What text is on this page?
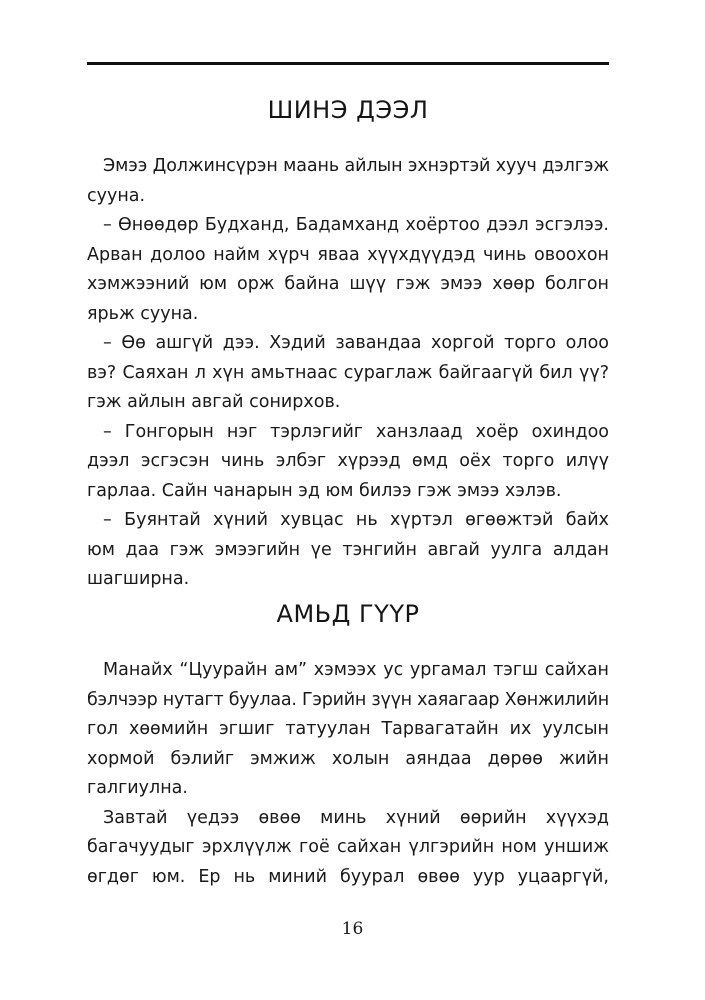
ШИНЭ ДЭЭЛ
Эмээ Должинсүрэн маань айлын эхнэртэй хууч дэлгэж
сууна.
– Өнөөдөр Будханд, Бадамханд хоёртоо дээл эсгэлээ.
Арван долоо найм хүрч яваа хүүхдүүдэд чинь овоохон
хэмжээний юм орж байна шүү гэж эмээ хөөр болгон
ярьж сууна.
– Өө ашгүй дээ. Хэдий завандаа хоргой торго олоо
вэ? Саяхан л хүн амьтнаас сураглаж байгаагүй бил үү?
гэж айлын авгай сонирхов.
– Гонгорын нэг тэрлэгийг ханзлаад хоёр охиндоо
дээл эсгэсэн чинь элбэг хүрээд өмд оёх торго илүү
гарлаа. Сайн чанарын эд юм билээ гэж эмээ хэлэв.
– Буянтай хүний хувцас нь хүртэл өгөөжтэй байх
юм даа гэж эмээгийн үе тэнгийн авгай уулга алдан
шагширна.
АМЬД ГҮҮР
Манайх “Цуурайн ам” хэмээх ус ургамал тэгш сайхан
бэлчээр нутагт буулаа. Гэрийн зүүн хаяагаар Хөнжилийн
гол хөөмийн эгшиг татуулан Тарвагатайн их уулсын
хормой бэлийг эмжиж холын аяндаа дөрөө жийн
галгиулна.
Завтай үедээ өвөө минь хүний өөрийн хүүхэд
багачуудыг эрхлүүлж гоё сайхан үлгэрийн ном уншиж
өгдөг юм. Ер нь миний буурал өвөө уур уцааргүй,
16
